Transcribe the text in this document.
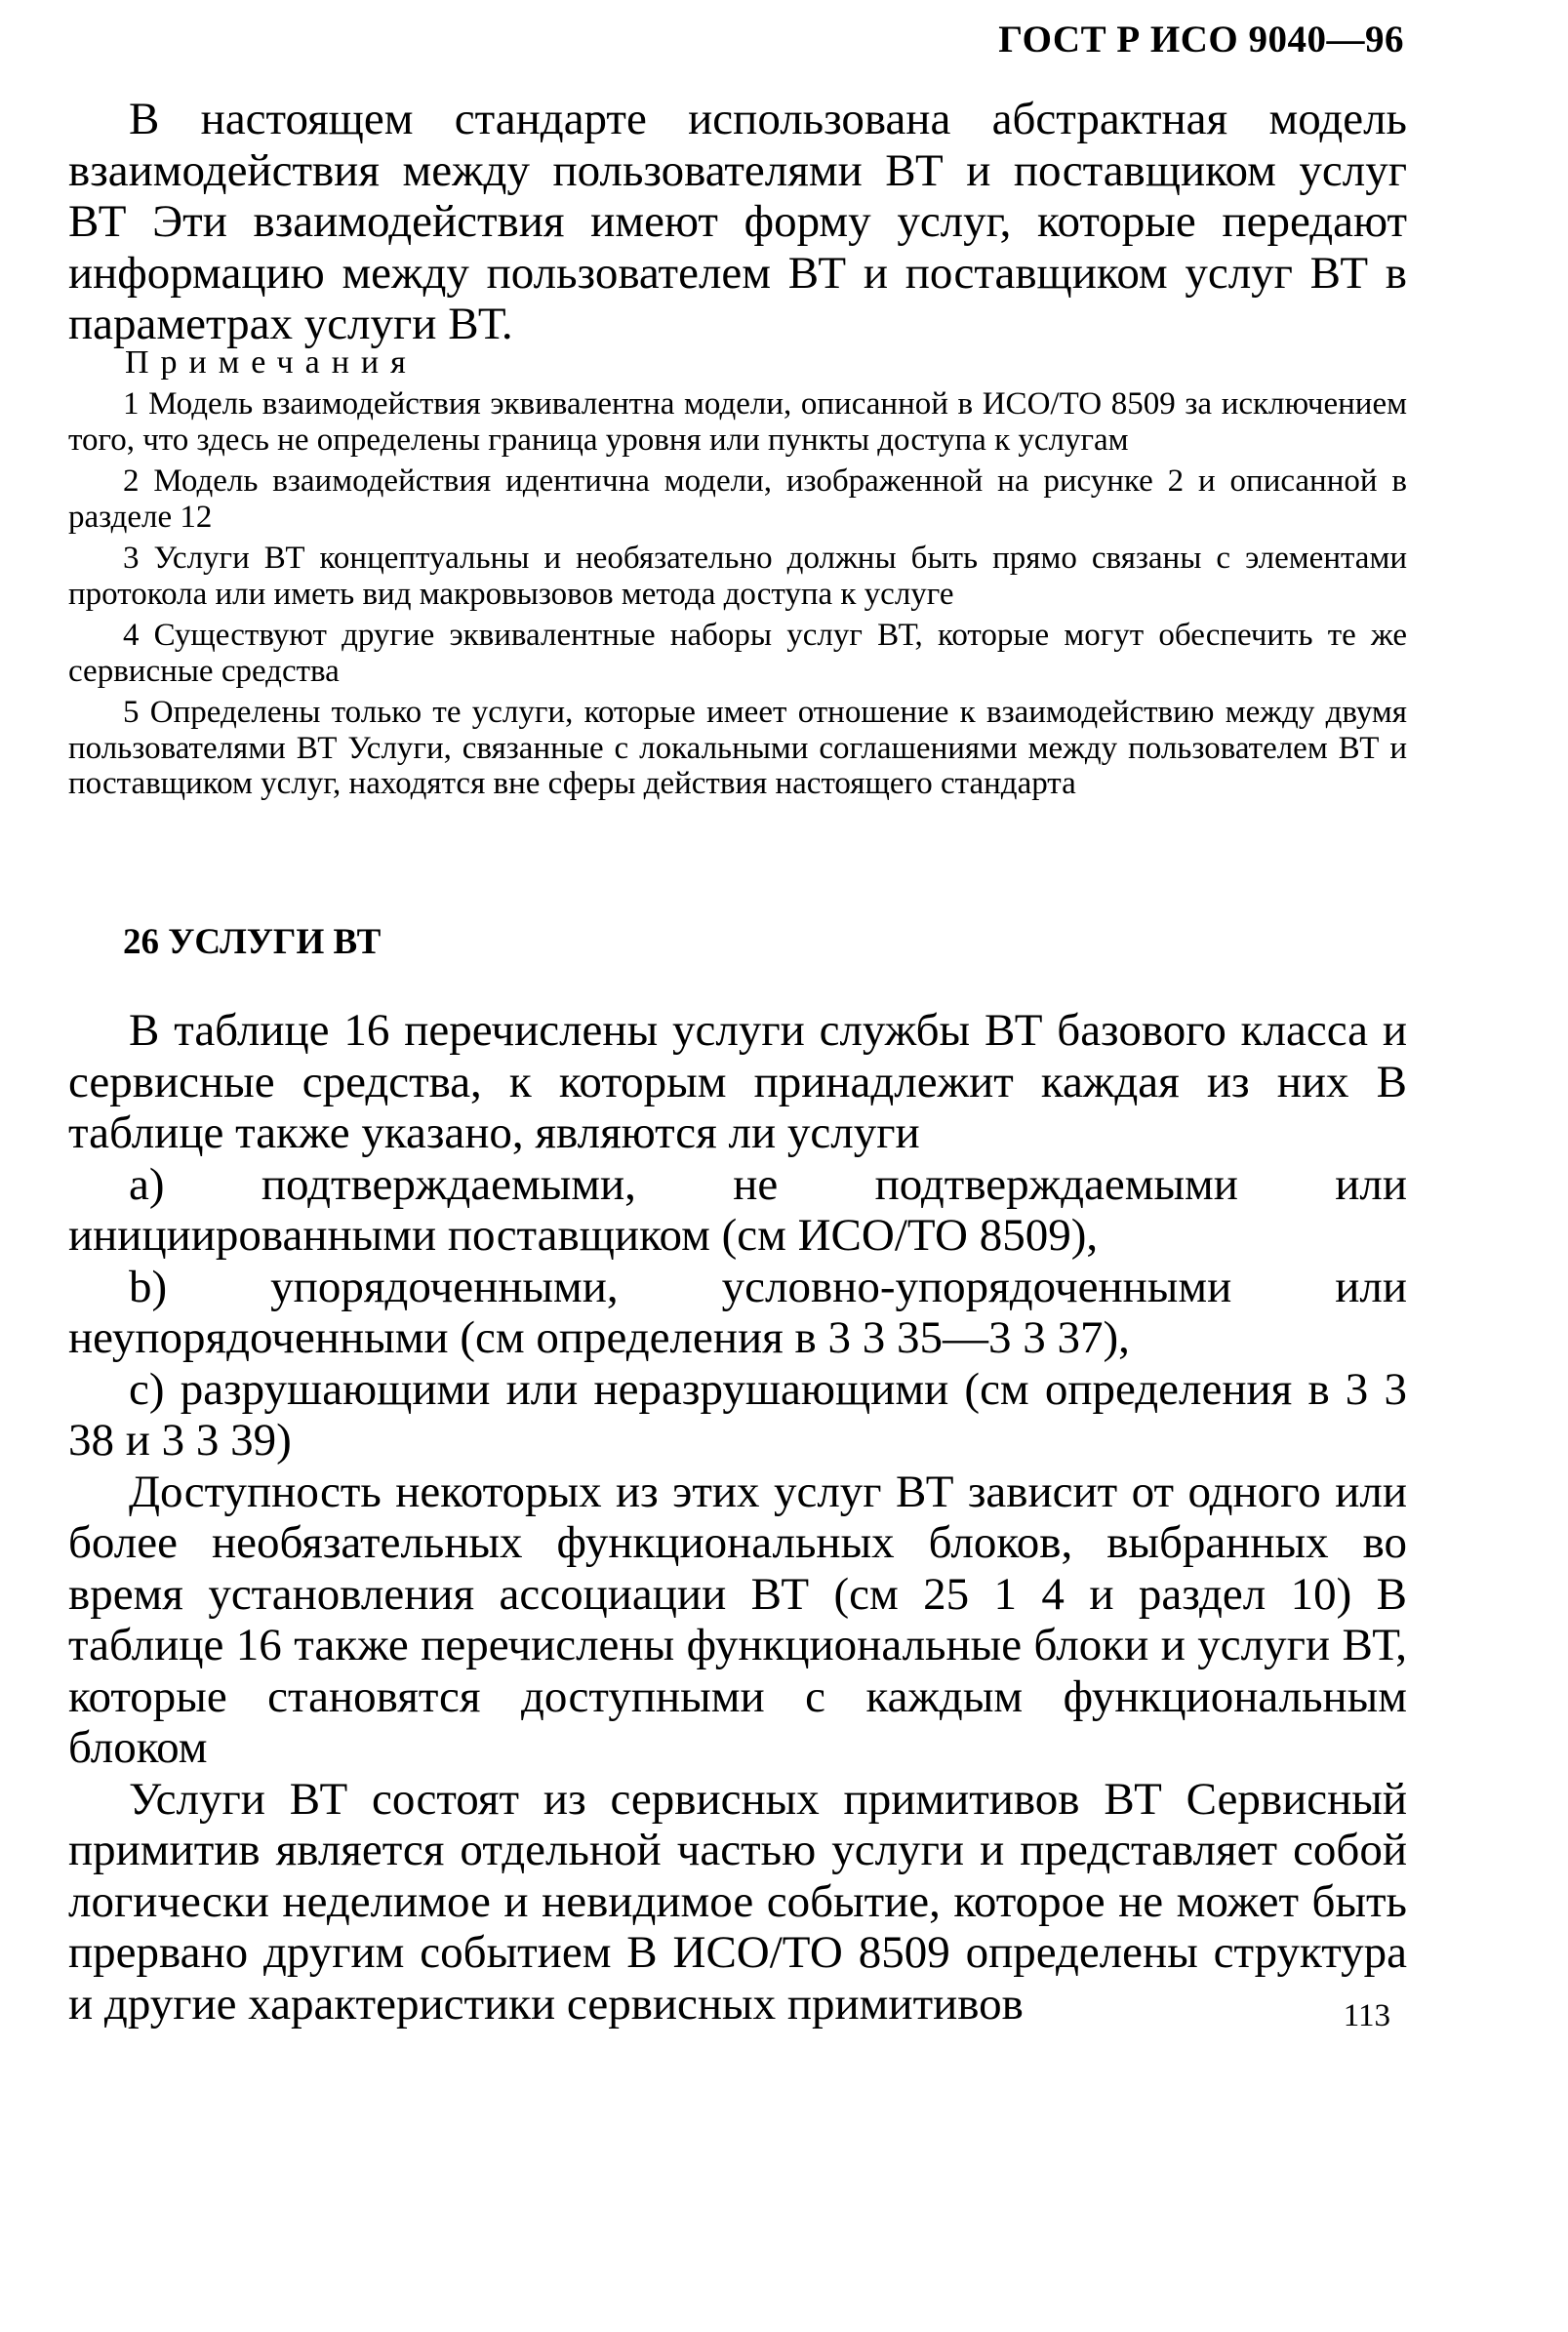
ГОСТ Р ИСО 9040—96

В настоящем стандарте использована абстрактная модель взаимодействия между пользователями ВТ и поставщиком услуг ВТ Эти взаимодействия имеют форму услуг, которые передают информацию между пользователем ВТ и поставщиком услуг ВТ в параметрах услуги ВТ.

Примечания

1 Модель взаимодействия эквивалентна модели, описанной в ИСО/ТО 8509 за исключением того, что здесь не определены граница уровня или пункты доступа к услугам

2 Модель взаимодействия идентична модели, изображенной на рисунке 2 и описанной в разделе 12

3 Услуги ВТ концептуальны и необязательно должны быть прямо связаны с элементами протокола или иметь вид макровызовов метода доступа к услуге

4 Существуют другие эквивалентные наборы услуг ВТ, которые могут обеспечить те же сервисные средства

5 Определены только те услуги, которые имеет отношение к взаимодействию между двумя пользователями ВТ Услуги, связанные с локальными соглашениями между пользователем ВТ и поставщиком услуг, находятся вне сферы действия настоящего стандарта

26 УСЛУГИ ВТ

В таблице 16 перечислены услуги службы ВТ базового класса и сервисные средства, к которым принадлежит каждая из них В таблице также указано, являются ли услуги

a) подтверждаемыми, не подтверждаемыми или инициированными поставщиком (см ИСО/ТО 8509),

b) упорядоченными, условно-упорядоченными или неупорядоченными (см определения в 3 3 35—3 3 37),

c) разрушающими или неразрушающими (см определения в 3 3 38 и 3 3 39)

Доступность некоторых из этих услуг ВТ зависит от одного или более необязательных функциональных блоков, выбранных во время установления ассоциации ВТ (см 25 1 4 и раздел 10) В таблице 16 также перечислены функциональные блоки и услуги ВТ, которые становятся доступными с каждым функциональным блоком

Услуги ВТ состоят из сервисных примитивов ВТ Сервисный примитив является отдельной частью услуги и представляет собой логически неделимое и невидимое событие, которое не может быть прервано другим событием В ИСО/ТО 8509 определены структура и другие характеристики сервисных примитивов	113
